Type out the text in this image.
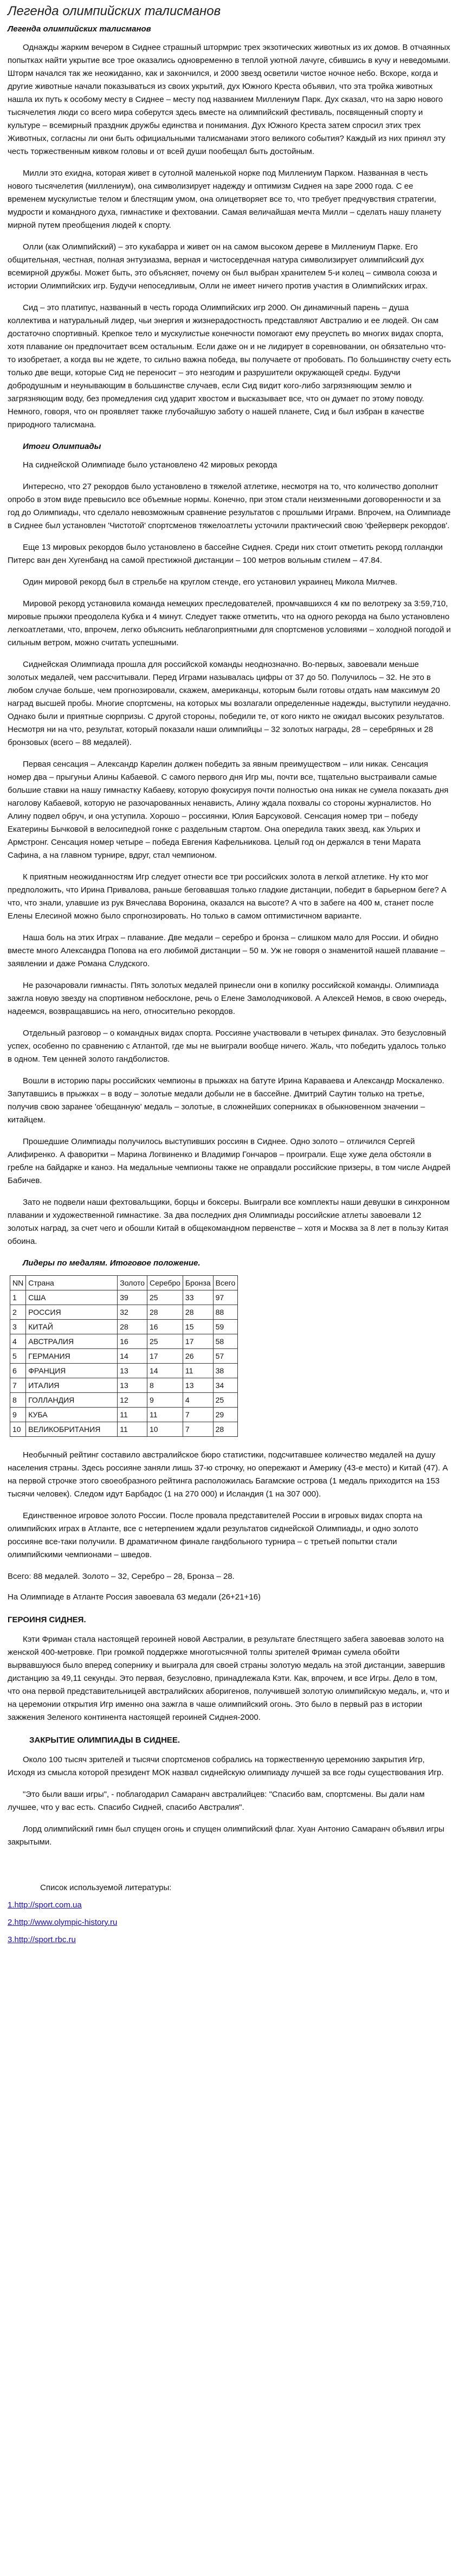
Легенда олимпийских талисманов
Легенда олимпийских талисманов

Однажды жарким вечером в Сиднее страшный штормрис трех экзотических животных из их домов. В отчаянных попытках найти укрытие все трое оказались одновременно в теплой уютной лачуге, сбившись в кучу и неведомыми. Шторм начался так же неожиданно, как и закончился, и 2000 звезд осветили чистое ночное небо. Вскоре, когда и другие животные начали показываться из своих укрытий, дух Южного Креста объявил, что эта тройка животных нашла их путь к особому месту в Сиднее – месту под названием Миллениум Парк. Дух сказал, что на зарю нового тысячелетия люди со всего мира соберутся здесь вместе на олимпийский фестиваль, посвященный спорту и культуре – всемирный праздник дружбы единства и понимания. Дух Южного Креста затем спросил этих трех Животных, согласны ли они быть официальными талисманами этого великого события? Каждый из них принял эту честь торжественным кивком головы и от всей души пообещал быть достойным.

Милли это ехидна, которая живет в сутолной маленькой норке под Миллениум Парком. Названная в честь нового тысячелетия (миллениум), она символизирует надежду и оптимизм Сиднея на заре 2000 года. С ее временем мускулистые телом и блестящим умом, она олицетворяет все то, что требует предчувствия стратегии, мудрости и командного духа, гимнастике и фехтовании. Самая величайшая мечта Милли – сделать нашу планету мирной путем преобщения людей к спорту.

Олли (как Олимпийский) – это кукабарра и живет он на самом высоком дереве в Миллениум Парке. Его общительная, честная, полная энтузиазма, верная и чистосердечная натура символизирует олимпийский дух всемирной дружбы. Может быть, это объясняет, почему он был выбран хранителем 5-и колец – символа союза и истории Олимпийских игр. Будучи непоседливым, Олли не имеет ничего против участия в Олимпийских играх.

Сид – это платипус, названный в честь города Олимпийских игр 2000. Он динамичный парень – душа коллектива и натуральный лидер, чьи энергия и жизнерадостность представляют Австралию и ее людей. Он сам достаточно спортивный. Крепкое тело и мускулистые конечности помогают ему преуспеть во многих видах спорта, хотя плавание он предпочитает всем остальным. Если даже он и не лидирует в соревновании, он обязательно что-то изобретает, а когда вы не ждете, то сильно важна победа, вы получаете от пробовать. По большинству счету есть только две вещи, которые Сид не переносит – это незгодим и разрушители окружающей среды. Будучи добродушным и неунывающим в большинстве случаев, если Сид видит кого-либо загрязняющим землю и загрязняющим воду, без промедления сид ударит хвостом и высказывает все, что он думает по этому поводу. Немного, говоря, что он проявляет также глубочайшую заботу о нашей планете, Сид и был избран в качестве природного талисмана.

Итоги Олимпиады

На сиднейской Олимпиаде было установлено 42 мировых рекорда

Интересно, что 27 рекордов было установлено в тяжелой атлетике, несмотря на то, что количество дополнит опробо в этом виде превысило все объемные нормы. Конечно, при этом стали неизменными договоренности и за год до Олимпиады, что сделало невозможным сравнение результатов с прошлыми Играми. Впрочем, на Олимпиаде в Сиднее был установлен 'Чистотой' спортсменов тяжелоатлеты усточили практический свою 'фейерверк рекордов'.

Еще 13 мировых рекордов было установлено в бассейне Сиднея. Среди них стоит отметить рекорд голландки Питерс ван ден Хугенбанд на самой престижной дистанции – 100 метров вольным стилем – 47.84.

Один мировой рекорд был в стрельбе на круглом стенде, его установил украинец Микола Милчев.

Мировой рекорд установила команда немецких преследователей, промчавшихся 4 км по велотреку за 3:59,710, мировые прыжки преодолела Кубка и 4 минут. Следует также отметить, что на одного рекорда на было установлено легкоатлетами, что, впрочем, легко объяснить неблагоприятными для спортсменов условиями – холодной погодой и сильным ветром, можно считать успешными.

Сиднейская Олимпиада прошла для российской команды неоднозначно. Во-первых, завоевали меньше золотых медалей, чем рассчитывали. Перед Играми называлась цифры от 37 до 50. Получилось – 32. Не это в любом случае больше, чем прогнозировали, скажем, американцы, которым были готовы отдать нам максимум 20 наград высшей пробы. Многие спортсмены, на которых мы возлагали определенные надежды, выступили неудачно. Однако были и приятные сюрпризы. С другой стороны, победили те, от кого никто не ожидал высоких результатов. Несмотря ни на что, результат, который показали наши олимпийцы – 32 золотых награды, 28 – серебряных и 28 бронзовых (всего – 88 медалей).

Первая сенсация – Александр Карелин должен победить за явным преимуществом – или никак. Сенсация номер два – прыгуньи Алины Кабаевой. С самого первого дня Игр мы, почти все, тщательно выстраивали самые большие ставки на нашу гимнастку Кабаеву, которую фокусируя почти полностью она никак не сумела показать дня наголову Кабаевой, которую не разочарованных ненависть, Алину ждала похвалы со стороны журналистов. Но Алину подвел обруч, и она уступила. Хорошо – россиянки, Юлия Барсуковой. Сенсация номер три – победу Екатерины Бычковой в велосипедной гонке с раздельным стартом. Она опередила таких звезд, как Ульрих и Армстронг. Сенсация номер четыре – победа Евгения Кафельникова. Целый год он держался в тени Марата Сафина, а на главном турнире, вдруг, стал чемпионом.

К приятным неожиданностям Игр следует отнести все три российских золота в легкой атлетике. Ну кто мог предположить, что Ирина Привалова, раньше беговавшая только гладкие дистанции, победит в барьерном беге? А что, что знали, улавшие из рук Вячеслава Воронина, оказался на высоте? А что в забеге на 400 м, станет после Елены Елесиной можно было спрогнозировать. Но только в самом оптимистичном варианте.

Наша боль на этих Играх – плавание. Две медали – серебро и бронза – слишком мало для России. И обидно вместе много Александра Попова на его любимой дистанции – 50 м. Уж не говоря о знаменитой нашей плавание – заявлении и даже Романа Слудского.

Не разочаровали гимнасты. Пять золотых медалей принесли они в копилку российской команды. Олимпиада зажгла новую звезду на спортивном небосклоне, речь о Елене Замолодчиковой. А Алексей Немов, в свою очередь, надеемся, возвращавшись на него, относительно рекордов.

Отдельный разговор – о командных видах спорта. Россияне участвовали в четырех финалах. Это безусловный успех, особенно по сравнению с Атлантой, где мы не выиграли вообще ничего. Жаль, что победить удалось только в одном. Тем ценней золото гандболистов.

Вошли в историю пары российских чемпионы в прыжках на батуте Ирина Караваева и Александр Москаленко. Запутавшись в прыжках – в воду – золотые медали добыли не в бассейне. Дмитрий Саутин только на третье, получив свою заранее 'обещанную' медаль – золотые, в сложнейших соперниках в обыкновенном значении – китайцем.

Прошедшие Олимпиады получилось выступивших россиян в Сиднее. Одно золото – отличился Сергей Алифиренко. А фаворитки – Марина Логвиненко и Владимир Гончаров – проиграли. Еще хуже дела обстояли в гребле на байдарке и каноэ. На медальные чемпионы также не оправдали российские призеры, в том числе Андрей Бабичев.

Зато не подвели наши фехтовальщики, борцы и боксеры. Выиграли все комплекты наши девушки в синхронном плавании и художественной гимнастике. За два последних дня Олимпиады российские атлеты завоевали 12 золотых наград, за счет чего и обошли Китай в общекомандном первенстве – хотя и Москва за 8 лет в пользу Китая обоина.

Лидеры по медалям. Итоговое положение.
NN	Страна	Золото	Серебро	Бронза	Всего
1	США	39	25	33	97
2	РОССИЯ	32	28	28	88
3	КИТАЙ	28	16	15	59
4	АВСТРАЛИЯ	16	25	17	58
5	ГЕРМАНИЯ	14	17	26	57
6	ФРАНЦИЯ	13	14	11	38
7	ИТАЛИЯ	13	8	13	34
8	ГОЛЛАНДИЯ	12	9	4	25
9	КУБА	11	11	7	29
10	ВЕЛИКОБРИТАНИЯ	11	10	7	28

Необычный рейтинг составило австралийское бюро статистики, подсчитавшее количество медалей на душу населения страны. Здесь россияне заняли лишь 37-ю строчку, но опережают и Америку (43-е место) и Китай (47). А на первой строчке этого своеобразного рейтинга расположилась Багамские острова (1 медаль приходится на 153 тысячи человек). Следом идут Барбадос (1 на 270 000) и Исландия (1 на 307 000).

Единственное игровое золото России. После провала представителей России в игровых видах спорта на олимпийских играх в Атланте, все с нетерпением ждали результатов сиднейской Олимпиады, и одно золото россияне все-таки получили. В драматичном финале гандбольного турнира – с третьей попытки стали олимпийскими чемпионами – шведов.

Всего: 88 медалей. Золото – 32, Серебро – 28, Бронза – 28.
На Олимпиаде в Атланте Россия завоевала 63 медали (26+21+16)
ГЕРОИНЯ СИДНЕЯ.

Кэти Фриман стала настоящей героиней новой Австралии, в результате блестящего забега завоевав золото на женской 400-метровке. При громкой поддержке многотысячной толпы зрителей Фриман сумела обойти вырвавшуюся было вперед сопернику и выиграла для своей страны золотую медаль на этой дистанции, завершив дистанцию за 49,11 секунды. Это первая, безусловно, принадлежала Кэти. Как, впрочем, и все Игры. Дело в том, что она первой представительницей австралийских аборигенов, получившей золотую олимпийскую медаль, и, что и на церемонии открытия Игр именно она зажгла в чаше олимпийский огонь. Это было в первый раз в истории зажжения Зеленого континента настоящей героиней Сиднея-2000.

ЗАКРЫТИЕ ОЛИМПИАДЫ В СИДНЕЕ.

Около 100 тысяч зрителей и тысячи спортсменов собрались на торжественную церемонию закрытия Игр, Исходя из смысла которой президент МОК назвал сиднейскую олимпиаду лучшей за все годы существования Игр.

"Это были ваши игры", - поблагодарил Самаранч австралийцев: "Спасибо вам, спортсмены. Вы дали нам лучшее, что у вас есть. Спасибо Сидней, спасибо Австралия".

Лорд олимпийский гимн был спущен огонь и спущен олимпийский флаг. Хуан Антонио Самаранч объявил игры закрытыми.

Список используемой литературы:
1.http://sport.com.ua
2.http://www.olympic-history.ru
3.http://sport.rbc.ru
